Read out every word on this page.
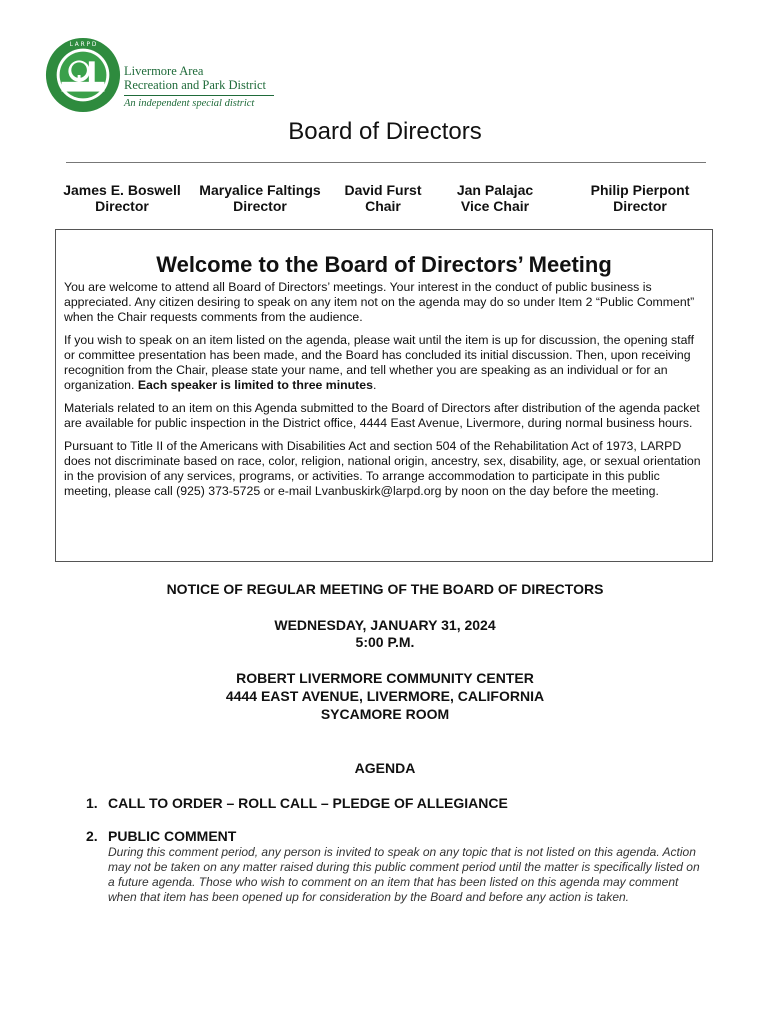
L A R P D
Livermore Area
Recreation and Park District
An independent special district
Board of Directors
James E. Boswell
Director
Maryalice Faltings
Director
David Furst
Chair
Jan Palajac
Vice Chair
Philip Pierpont
Director
Welcome to the Board of Directors’ Meeting

You are welcome to attend all Board of Directors’ meetings. Your interest in the conduct of public business is appreciated. Any citizen desiring to speak on any item not on the agenda may do so under Item 2 “Public Comment” when the Chair requests comments from the audience.

If you wish to speak on an item listed on the agenda, please wait until the item is up for discussion, the opening staff or committee presentation has been made, and the Board has concluded its initial discussion. Then, upon receiving recognition from the Chair, please state your name, and tell whether you are speaking as an individual or for an organization. Each speaker is limited to three minutes.

Materials related to an item on this Agenda submitted to the Board of Directors after distribution of the agenda packet are available for public inspection in the District office, 4444 East Avenue, Livermore, during normal business hours.

Pursuant to Title II of the Americans with Disabilities Act and section 504 of the Rehabilitation Act of 1973, LARPD does not discriminate based on race, color, religion, national origin, ancestry, sex, disability, age, or sexual orientation in the provision of any services, programs, or activities. To arrange accommodation to participate in this public meeting, please call (925) 373-5725 or e-mail Lvanbuskirk@larpd.org by noon on the day before the meeting.

NOTICE OF REGULAR MEETING OF THE BOARD OF DIRECTORS
WEDNESDAY, JANUARY 31, 2024
5:00 P.M.
ROBERT LIVERMORE COMMUNITY CENTER
4444 EAST AVENUE, LIVERMORE, CALIFORNIA
SYCAMORE ROOM
AGENDA
1. CALL TO ORDER – ROLL CALL – PLEDGE OF ALLEGIANCE
2. PUBLIC COMMENT
During this comment period, any person is invited to speak on any topic that is not listed on this agenda. Action may not be taken on any matter raised during this public comment period until the matter is specifically listed on a future agenda. Those who wish to comment on an item that has been listed on this agenda may comment when that item has been opened up for consideration by the Board and before any action is taken.
